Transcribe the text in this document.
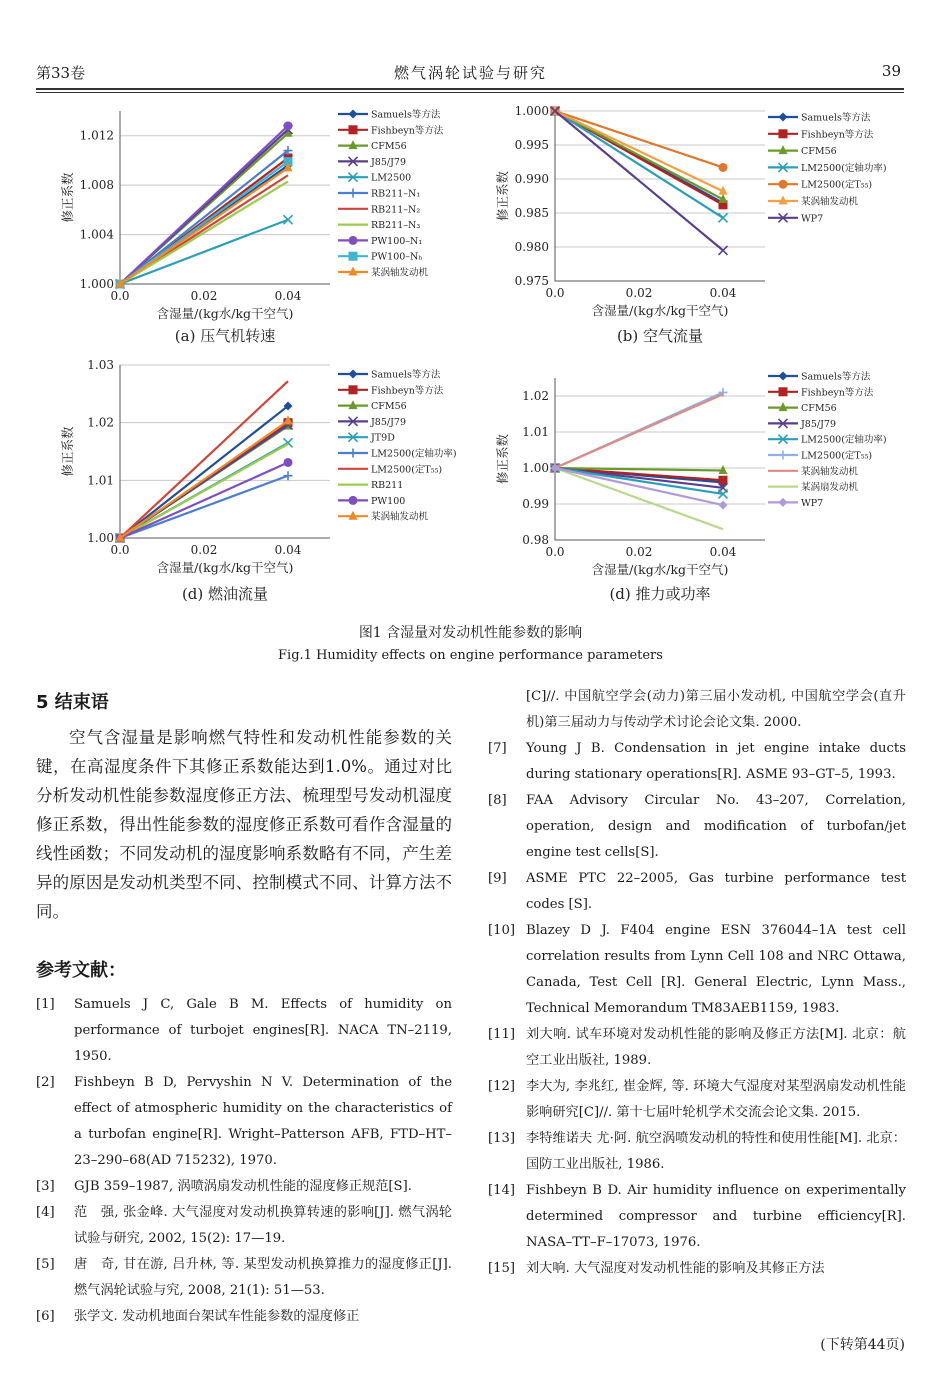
第33卷	燃气涡轮试验与研究	39
1.000
1.004
1.008
1.012
0.0	0.02	0.04
含湿量/(kg水/kg干空气)
修正系数
Samuels等方法
Fishbeyn等方法
CFM56
J85/J79
LM2500
RB211–N₁
RB211–N₂
RB211–N₃
PW100–N₁
PW100–Nₕ
某涡轴发动机
(a) 压气机转速
0.975
0.980
0.985
0.990
0.995
1.000
0.0	0.02	0.04
含湿量/(kg水/kg干空气)
修正系数
Samuels等方法
Fishbeyn等方法
CFM56
LM2500(定轴功率)
LM2500(定T₅₅)
某涡轴发动机
WP7
(b) 空气流量
1.00
1.01
1.02
1.03
0.0	0.02	0.04
含湿量/(kg水/kg干空气)
修正系数
Samuels等方法
Fishbeyn等方法
CFM56
J85/J79
JT9D
LM2500(定轴功率)
LM2500(定T₅₅)
RB211
PW100
某涡轴发动机
(d) 燃油流量
0.98
0.99
1.00
1.01
1.02
0.0	0.02	0.04
含湿量/(kg水/kg干空气)
修正系数
Samuels等方法
Fishbeyn等方法
CFM56
J85/J79
LM2500(定轴功率)
LM2500(定T₅₅)
某涡轴发动机
某涡扇发动机
WP7
(d) 推力或功率
图1 含湿量对发动机性能参数的影响
Fig.1 Humidity effects on engine performance parameters
5 结束语

空气含湿量是影响燃气特性和发动机性能参数的关键，在高湿度条件下其修正系数能达到1.0%。通过对比分析发动机性能参数湿度修正方法、梳理型号发动机湿度修正系数，得出性能参数的湿度修正系数可看作含湿量的线性函数；不同发动机的湿度影响系数略有不同，产生差异的原因是发动机类型不同、控制模式不同、计算方法不同。

参考文献：
[1]	Samuels J C, Gale B M. Effects of humidity on performance of turbojet engines[R]. NACA TN–2119, 1950.
[2]	Fishbeyn B D, Pervyshin N V. Determination of the effect of atmospheric humidity on the characteristics of a turbofan engine[R]. Wright–Patterson AFB, FTD–HT–23–290–68(AD 715232), 1970.
[3]	GJB 359–1987, 涡喷涡扇发动机性能的湿度修正规范[S].
[4]	范　强, 张金峰. 大气湿度对发动机换算转速的影响[J]. 燃气涡轮试验与研究, 2002, 15(2): 17—19.
[5]	唐　奇, 甘在游, 吕升林, 等. 某型发动机换算推力的湿度修正[J]. 燃气涡轮试验与究, 2008, 21(1): 51—53.
[6]	张学文. 发动机地面台架试车性能参数的湿度修正
[C]//. 中国航空学会(动力)第三届小发动机, 中国航空学会(直升机)第三届动力与传动学术讨论会论文集. 2000.
[7]	Young J B. Condensation in jet engine intake ducts during stationary operations[R]. ASME 93–GT–5, 1993.
[8]	FAA Advisory Circular No. 43–207, Correlation, operation, design and modification of turbofan/jet engine test cells[S].
[9]	ASME PTC 22–2005, Gas turbine performance test codes [S].
[10] Blazey D J. F404 engine ESN 376044–1A test cell correlation results from Lynn Cell 108 and NRC Ottawa, Canada, Test Cell [R]. General Electric, Lynn Mass., Technical Memorandum TM83AEB1159, 1983.
[11] 刘大响. 试车环境对发动机性能的影响及修正方法[M]. 北京：航空工业出版社, 1989.
[12] 李大为, 李兆红, 崔金辉, 等. 环境大气湿度对某型涡扇发动机性能影响研究[C]//. 第十七届叶轮机学术交流会论文集. 2015.
[13] 李特维诺夫 尤·阿. 航空涡喷发动机的特性和使用性能[M]. 北京：国防工业出版社, 1986.
[14] Fishbeyn B D. Air humidity influence on experimentally determined compressor and turbine efficiency[R]. NASA–TT–F–17073, 1976.
[15] 刘大响. 大气湿度对发动机性能的影响及其修正方法
(下转第44页)
